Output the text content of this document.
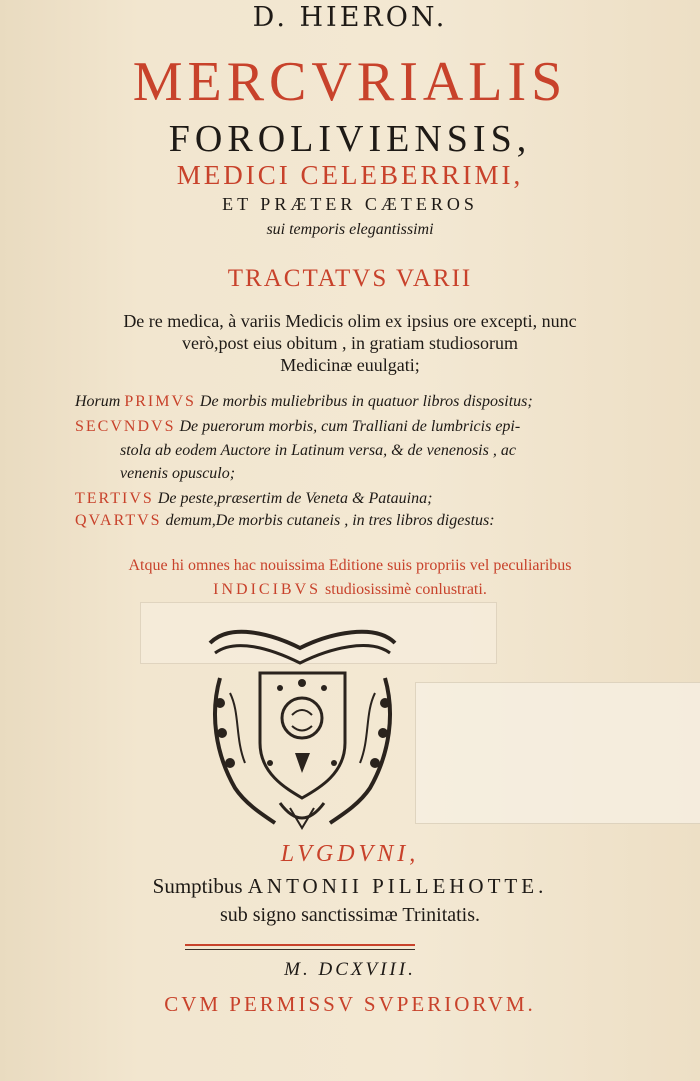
D. HIERON.
MERCVRIALIS
FOROLIVIENSIS,
MEDICI CELEBERRIMI,
ET PRÆTER CÆTEROS
sui temporis elegantissimi
TRACTATVS VARII
De re medica, à variis Medicis olim ex ipsius ore excepti, nunc
verò,post eius obitum , in gratiam studiosorum
Medicinæ euulgati;
Horum PRIMVS De morbis muliebribus in quatuor libros dispositus;
SECVNDVS De puerorum morbis, cum Tralliani de lumbricis epi-
stola ab eodem Auctore in Latinum versa, & de venenosis , ac
venenis opusculo;
TERTIVS De peste,præsertim de Veneta & Patauina;
QVARTVS demum,De morbis cutaneis , in tres libros digestus:
Atque hi omnes hac nouissima Editione suis propriis vel peculiaribus
INDICIBVS studiosissimè conlustrati.
LVGDVNI,
Sumptibus ANTONII PILLEHOTTE.
sub signo sanctissimæ Trinitatis.
M. DCXVIII.
CVM PERMISSV SVPERIORVM.
